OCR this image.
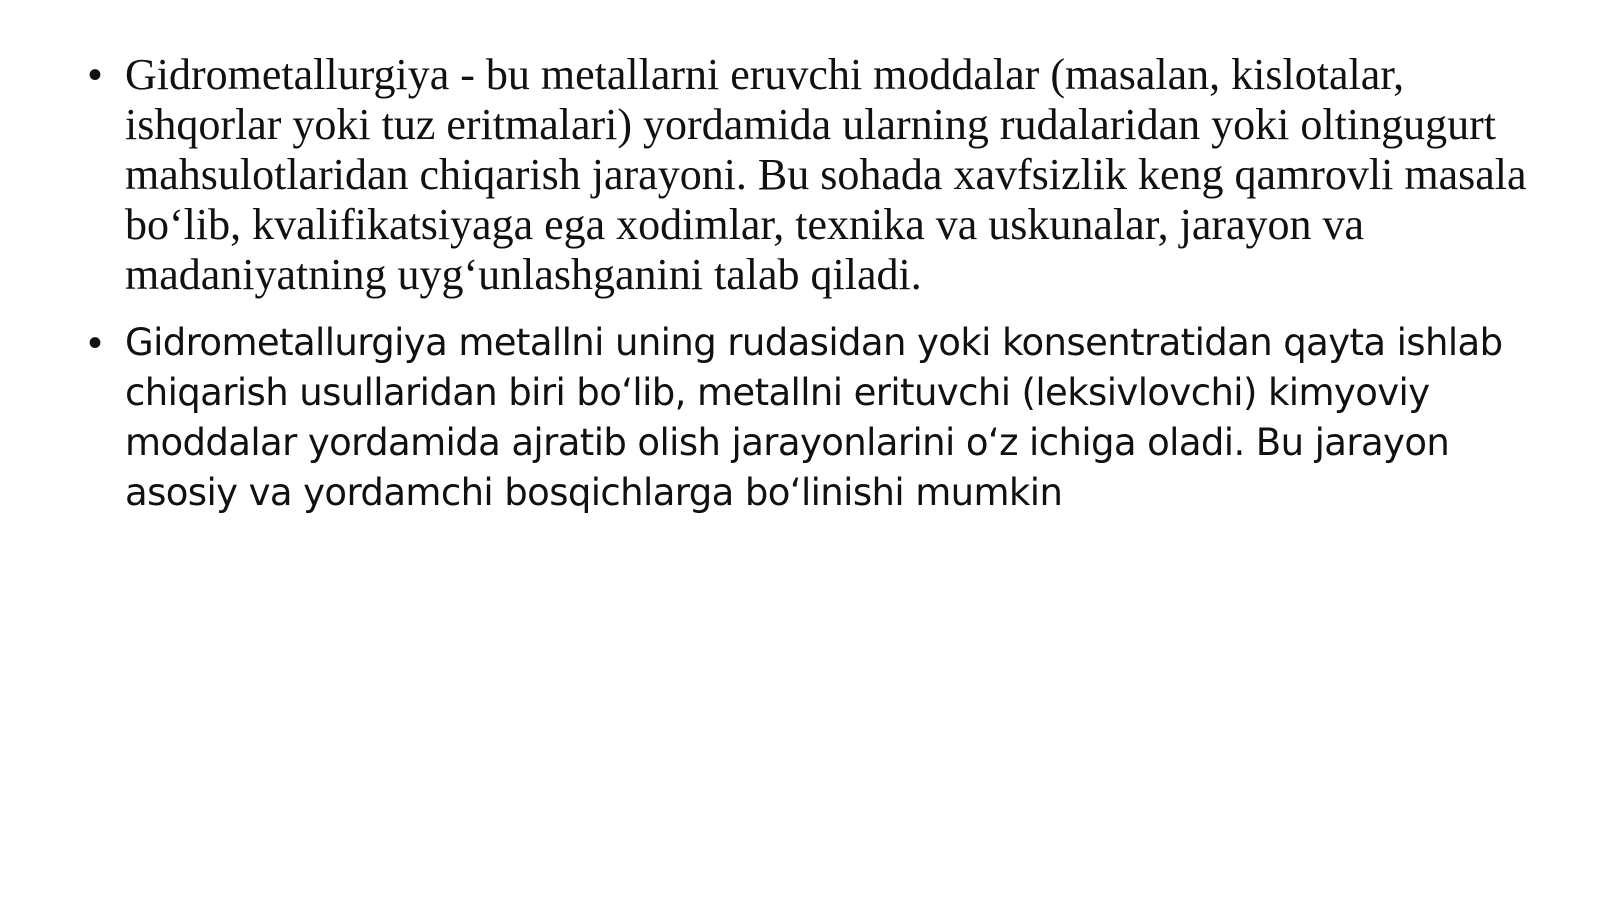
• Gidrometallurgiya - bu metallarni eruvchi moddalar (masalan, kislotalar, ishqorlar yoki tuz eritmalari) yordamida ularning rudalaridan yoki oltingugurt mahsulotlaridan chiqarish jarayoni. Bu sohada xavfsizlik keng qamrovli masala bo‘lib, kvalifikatsiyaga ega xodimlar, texnika va uskunalar, jarayon va madaniyatning uyg‘unlashganini talab qiladi.
• Gidrometallurgiya metallni uning rudasidan yoki konsentratidan qayta ishlab chiqarish usullaridan biri bo‘lib, metallni erituvchi (leksivlovchi) kimyoviy moddalar yordamida ajratib olish jarayonlarini o‘z ichiga oladi. Bu jarayon asosiy va yordamchi bosqichlarga bo‘linishi mumkin
